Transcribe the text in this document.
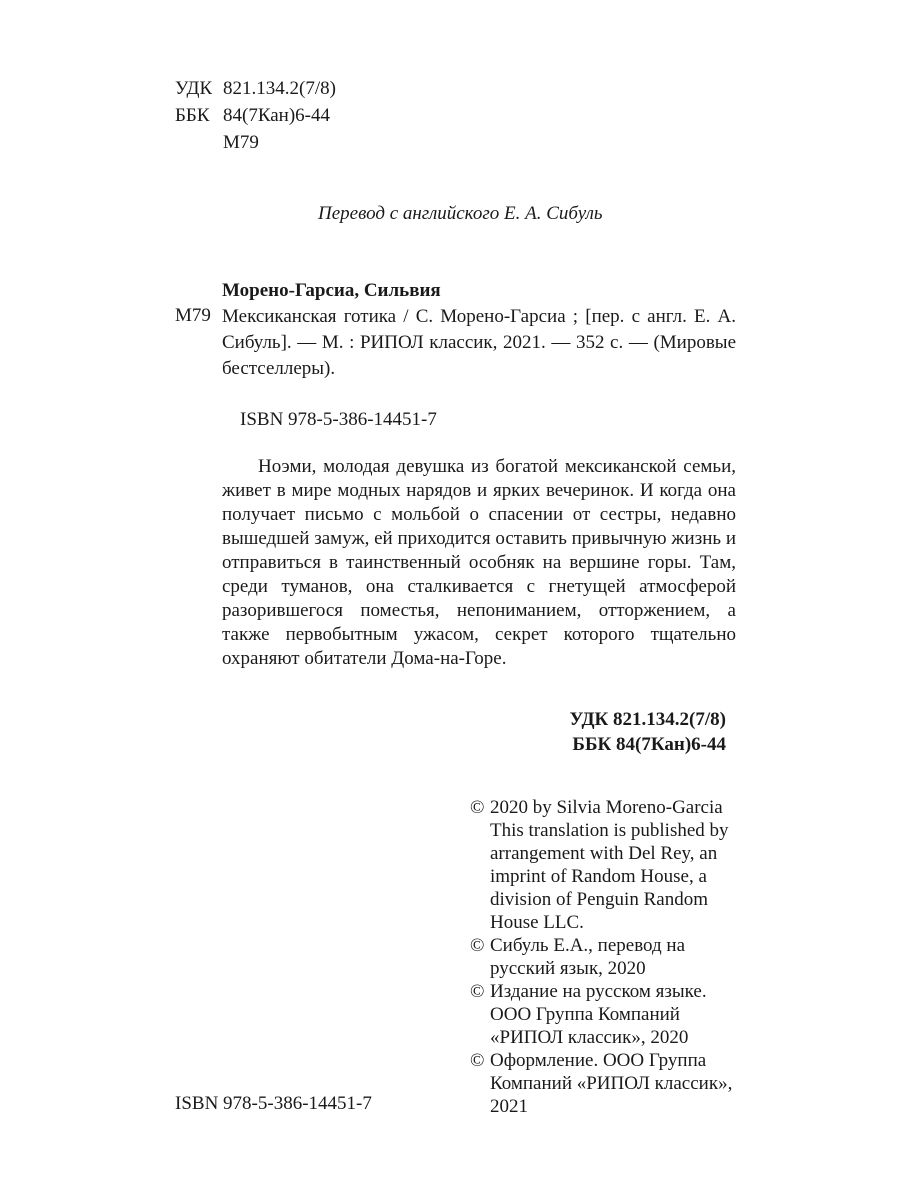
УДК 821.134.2(7/8)
ББК 84(7Кан)6-44
М79
Перевод с английского Е. А. Сибуль
Морено-Гарсиа, Сильвия
М79 Мексиканская готика / С. Морено-Гарсиа ; [пер. с англ. Е. А. Сибуль]. — М. : РИПОЛ классик, 2021. — 352 с. — (Мировые бестселлеры).
ISBN 978-5-386-14451-7

Ноэми, молодая девушка из богатой мексиканской семьи, живет в мире модных нарядов и ярких вечеринок. И когда она получает письмо с мольбой о спасении от сестры, недавно вышедшей замуж, ей приходится оставить привычную жизнь и отправиться в таинственный особняк на вершине горы. Там, среди туманов, она сталкивается с гнетущей атмосферой разорившегося поместья, непониманием, отторжением, а также первобытным ужасом, секрет которого тщательно охраняют обитатели Дома-на-Горе.

УДК 821.134.2(7/8)
ББК 84(7Кан)6-44
© 2020 by Silvia Moreno-Garcia This translation is published by arrangement with Del Rey, an imprint of Random House, a division of Penguin Random House LLC.
© Сибуль Е.А., перевод на русский язык, 2020
© Издание на русском языке. ООО Группа Компаний «РИПОЛ классик», 2020
© Оформление. ООО Группа Компаний «РИПОЛ классик», 2021
ISBN 978-5-386-14451-7
